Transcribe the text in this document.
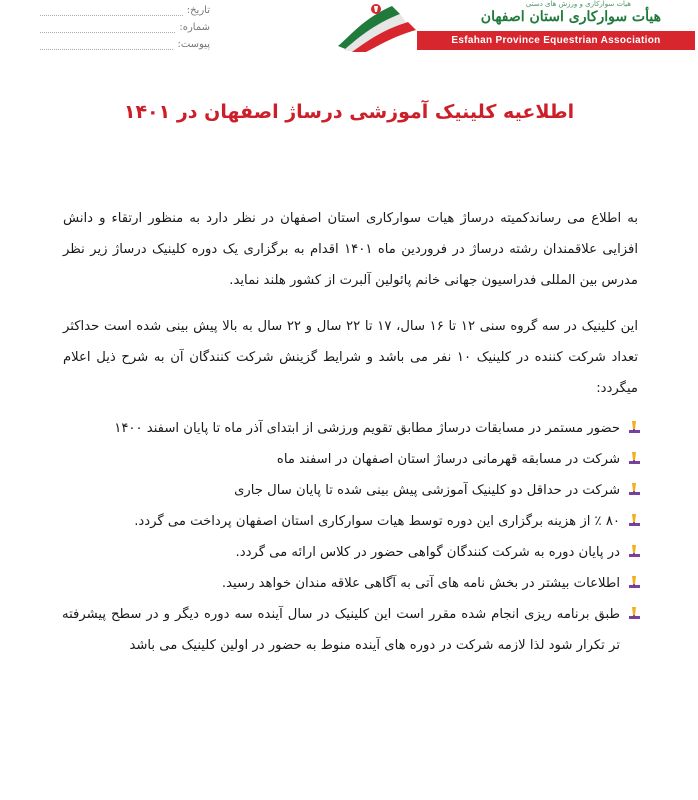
تاریخ:
شماره:
پیوست:
هیأت سوارکاری و ورزش های دستی
هیأت سوارکاری استان اصفهان
Esfahan Province Equestrian Association
اطلاعیه کلینیک آموزشی درساژ اصفهان در ۱۴۰۱
به اطلاع می رساندکمیته درساژ هیات سوارکاری استان اصفهان در نظر دارد به منظور ارتقاء و دانش افزایی علاقمندان رشته درساژ در فروردین ماه ۱۴۰۱ اقدام به برگزاری یک دوره کلینیک درساژ زیر نظر مدرس بین المللی فدراسیون جهانی خانم پائولین آلبرت از کشور هلند نماید.
این کلینیک در سه گروه سنی ۱۲ تا ۱۶ سال، ۱۷ تا ۲۲ سال و ۲۲ سال به بالا پیش بینی شده است حداکثر تعداد شرکت کننده در کلینیک ۱۰ نفر می باشد و شرایط گزینش شرکت کنندگان آن به شرح ذیل اعلام میگردد:
حضور مستمر در مسابقات درساژ مطابق تقویم ورزشی از ابتدای آذر ماه تا پایان اسفند ۱۴۰۰
شرکت در مسابقه قهرمانی درساژ استان اصفهان در اسفند ماه
شرکت در حداقل دو کلینیک آموزشی پیش بینی شده تا پایان سال جاری
۸۰ ٪ از هزینه برگزاری این دوره توسط هیات سوارکاری استان اصفهان پرداخت می گردد.
در پایان دوره به شرکت کنندگان گواهی حضور در کلاس ارائه می گردد.
اطلاعات بیشتر در بخش نامه های آتی به آگاهی علاقه مندان خواهد رسید.
طبق برنامه ریزی انجام شده مقرر است این کلینیک در سال آینده سه دوره دیگر و در سطح پیشرفته تر تکرار شود لذا لازمه شرکت در دوره های آینده منوط به حضور در اولین کلینیک می باشد
